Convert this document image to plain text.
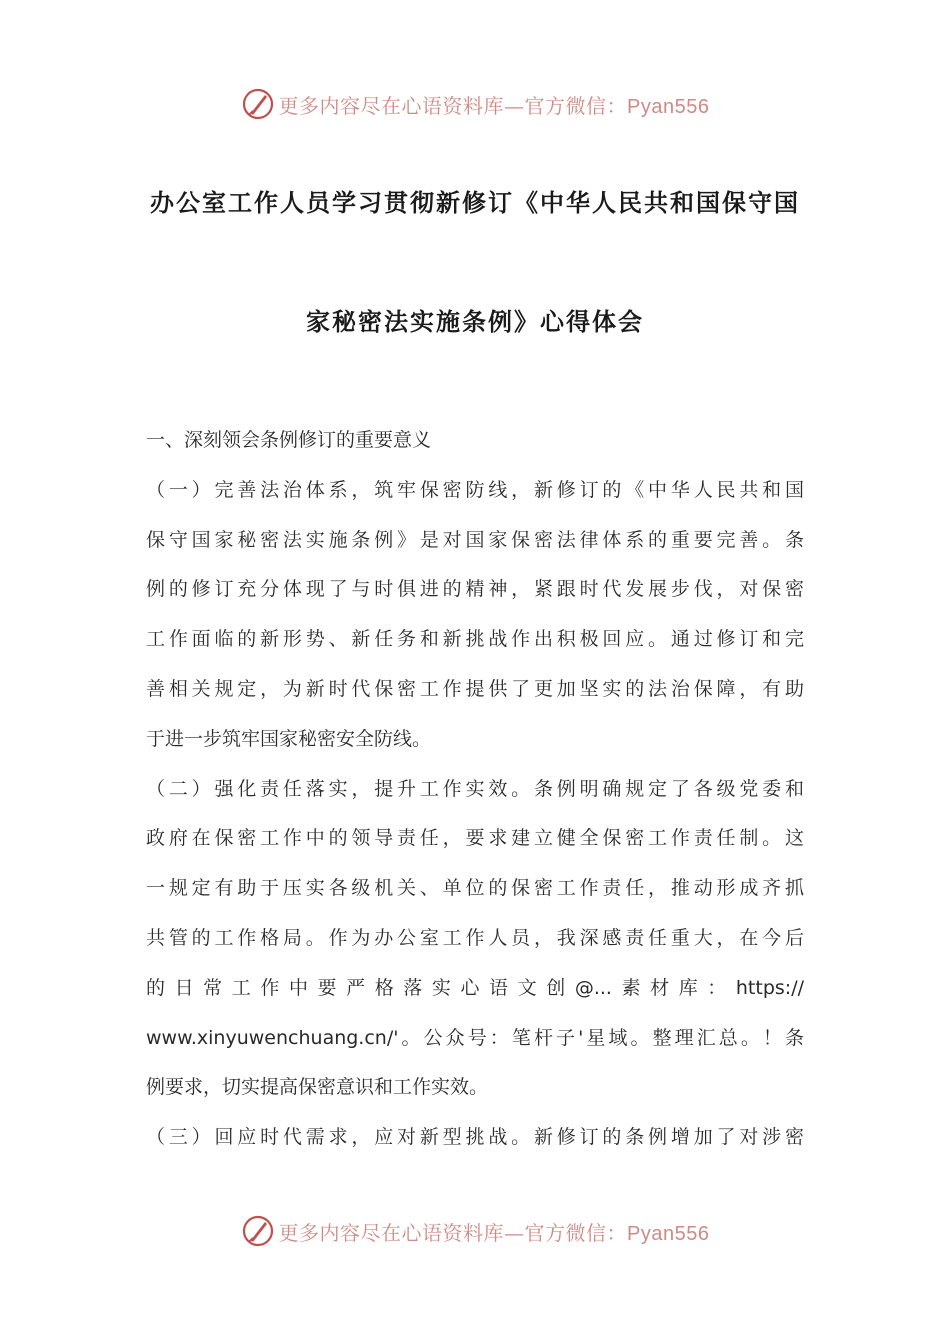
更多内容尽在心语资料库—官方微信：Pyan556
办公室工作人员学习贯彻新修订《中华人民共和国保守国
家秘密法实施条例》心得体会
一、深刻领会条例修订的重要意义
（一）完善法治体系，筑牢保密防线，新修订的《中华人民共和国
保守国家秘密法实施条例》是对国家保密法律体系的重要完善。条
例的修订充分体现了与时俱进的精神，紧跟时代发展步伐，对保密
工作面临的新形势、新任务和新挑战作出积极回应。通过修订和完
善相关规定，为新时代保密工作提供了更加坚实的法治保障，有助
于进一步筑牢国家秘密安全防线。
（二）强化责任落实，提升工作实效。条例明确规定了各级党委和
政府在保密工作中的领导责任，要求建立健全保密工作责任制。这
一规定有助于压实各级机关、单位的保密工作责任，推动形成齐抓
共管的工作格局。作为办公室工作人员，我深感责任重大，在今后
的日常工作中要严格落实心语文创@...素材库：https://
www.xinyuwenchuang.cn/'。公众号：笔杆子'星域。整理汇总。！条
例要求，切实提高保密意识和工作实效。
（三）回应时代需求，应对新型挑战。新修订的条例增加了对涉密
更多内容尽在心语资料库—官方微信：Pyan556
